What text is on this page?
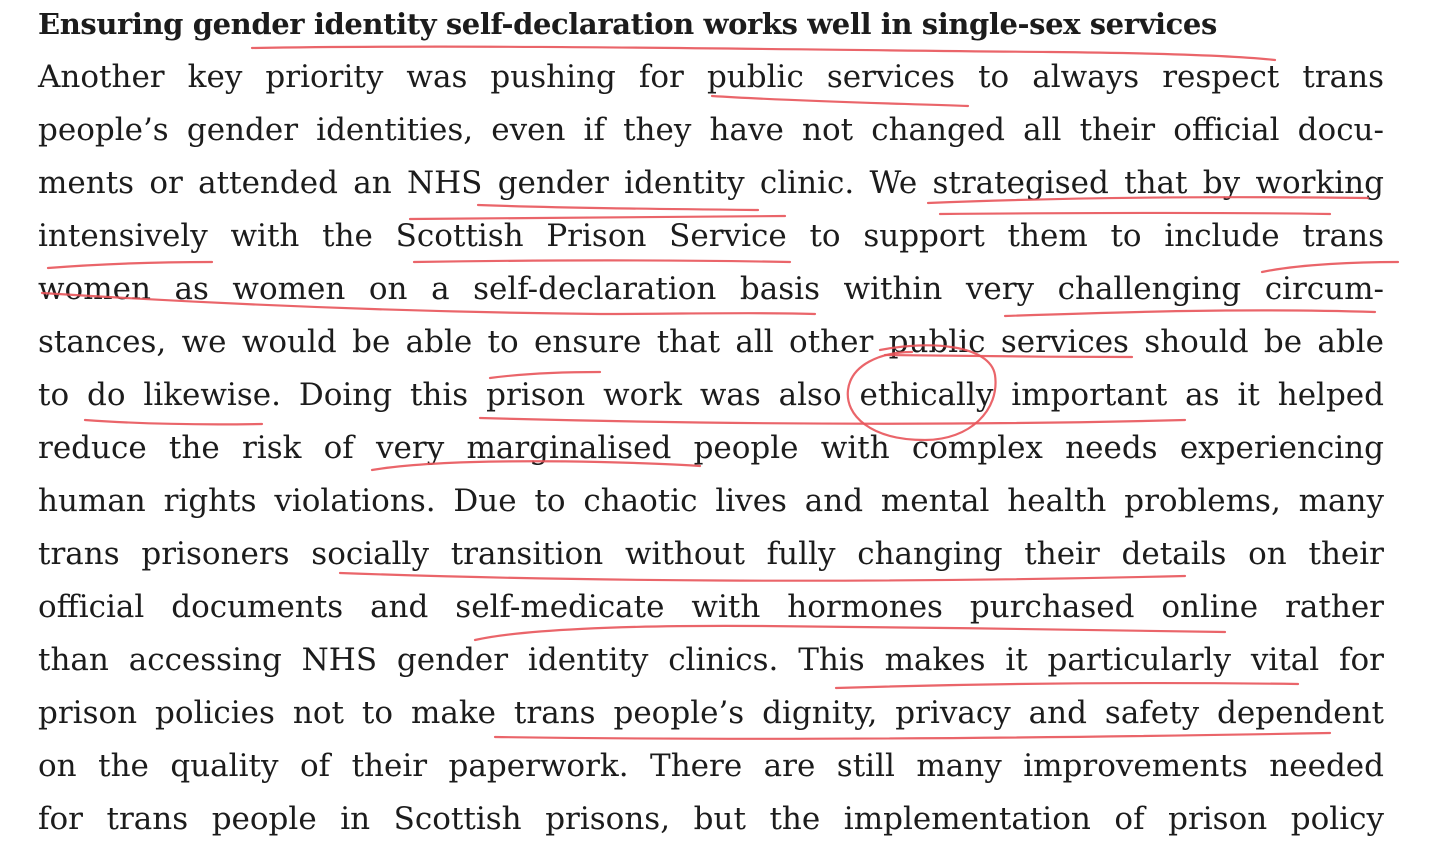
Ensuring gender identity self-declaration works well in single-sex services
Another key priority was pushing for public services to always respect trans
people’s gender identities, even if they have not changed all their official docu-
ments or attended an NHS gender identity clinic. We strategised that by working
intensively with the Scottish Prison Service to support them to include trans
women as women on a self-declaration basis within very challenging circum-
stances, we would be able to ensure that all other public services should be able
to do likewise. Doing this prison work was also ethically important as it helped
reduce the risk of very marginalised people with complex needs experiencing
human rights violations. Due to chaotic lives and mental health problems, many
trans prisoners socially transition without fully changing their details on their
official documents and self-medicate with hormones purchased online rather
than accessing NHS gender identity clinics. This makes it particularly vital for
prison policies not to make trans people’s dignity, privacy and safety dependent
on the quality of their paperwork. There are still many improvements needed
for trans people in Scottish prisons, but the implementation of prison policy
